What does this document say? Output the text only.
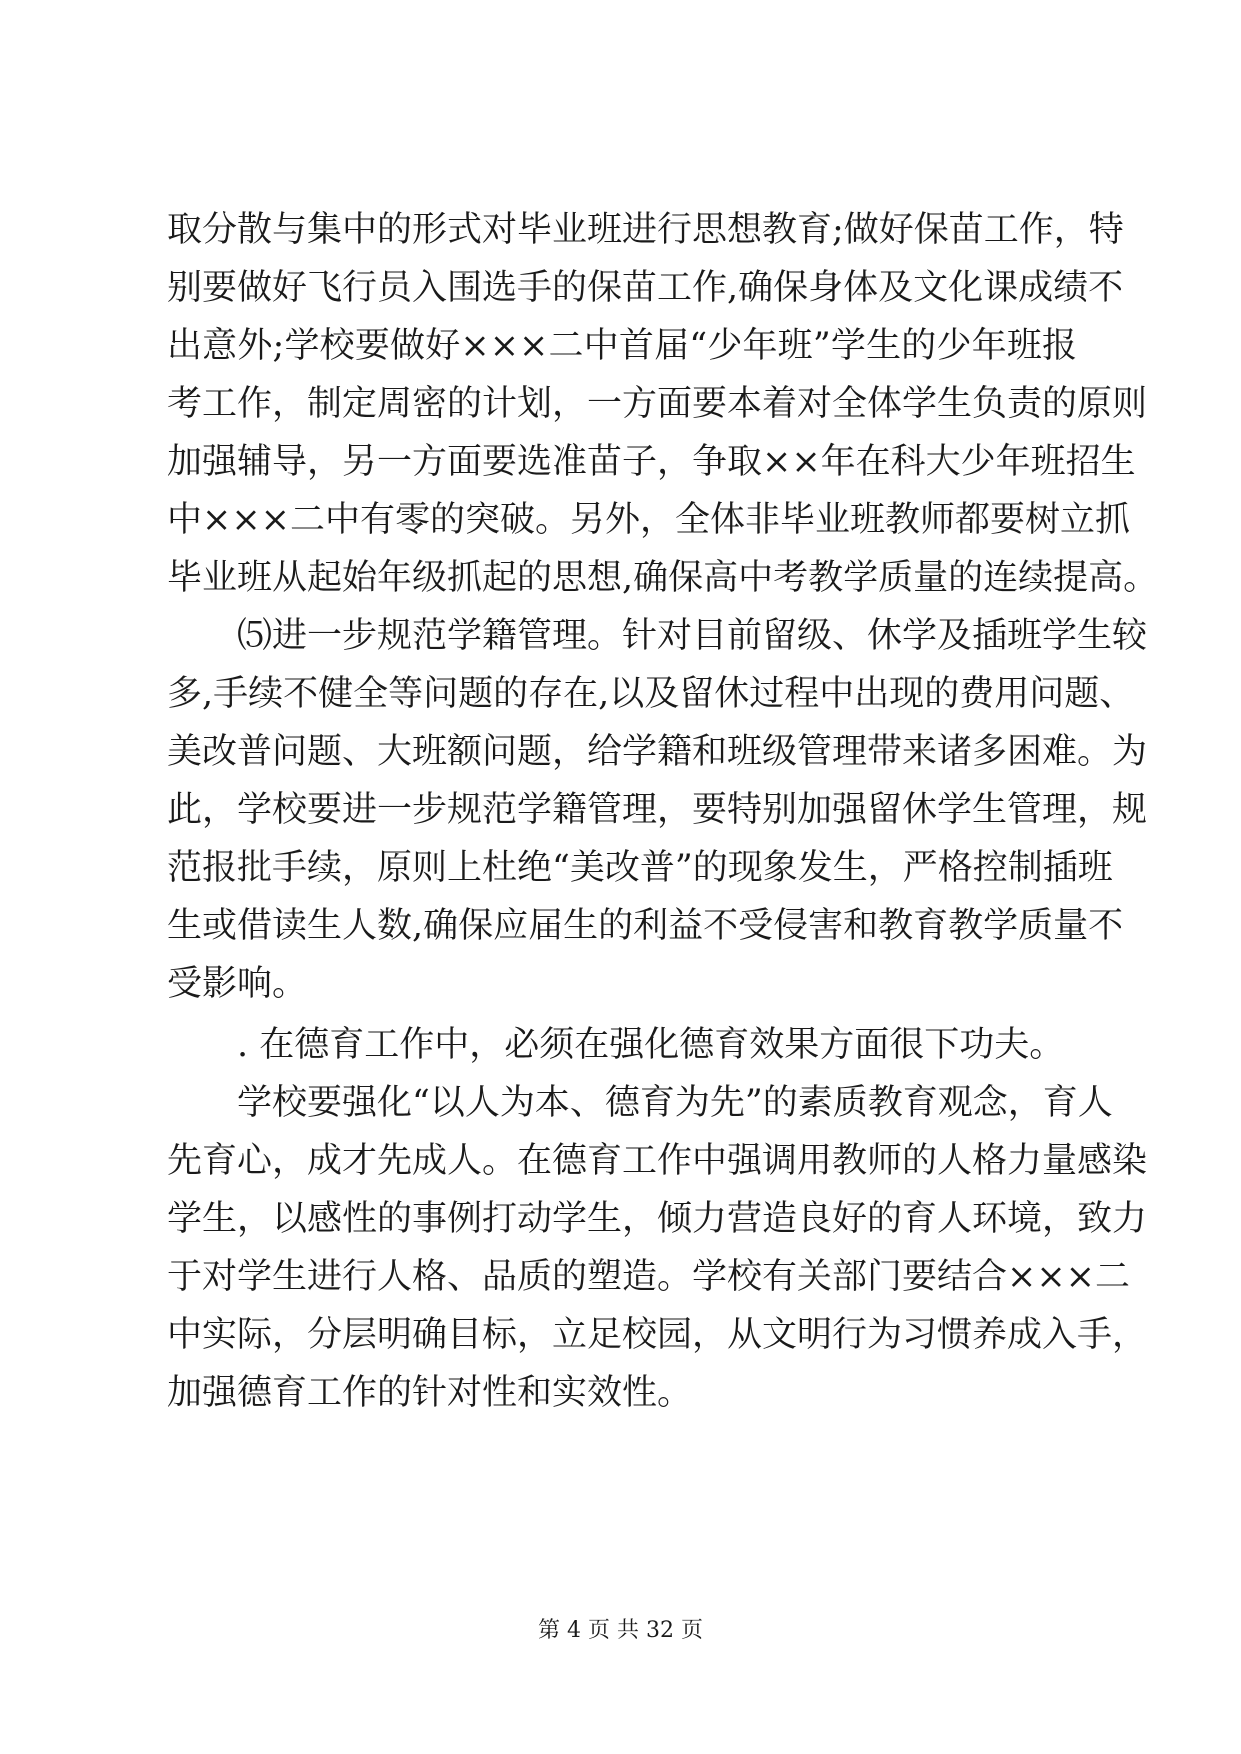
取分散与集中的形式对毕业班进行思想教育;做好保苗工作，特
别要做好飞行员入围选手的保苗工作,确保身体及文化课成绩不
出意外;学校要做好×××二中首届“少年班”学生的少年班报
考工作，制定周密的计划，一方面要本着对全体学生负责的原则
加强辅导，另一方面要选准苗子，争取××年在科大少年班招生
中×××二中有零的突破。另外，全体非毕业班教师都要树立抓
毕业班从起始年级抓起的思想,确保高中考教学质量的连续提高。
⑸进一步规范学籍管理。针对目前留级、休学及插班学生较
多,手续不健全等问题的存在,以及留休过程中出现的费用问题、
美改普问题、大班额问题，给学籍和班级管理带来诸多困难。为
此，学校要进一步规范学籍管理，要特别加强留休学生管理，规
范报批手续，原则上杜绝“美改普”的现象发生，严格控制插班
生或借读生人数,确保应届生的利益不受侵害和教育教学质量不
受影响。
. 在德育工作中，必须在强化德育效果方面很下功夫。
学校要强化“以人为本、德育为先”的素质教育观念，育人
先育心，成才先成人。在德育工作中强调用教师的人格力量感染
学生，以感性的事例打动学生，倾力营造良好的育人环境，致力
于对学生进行人格、品质的塑造。学校有关部门要结合×××二
中实际，分层明确目标，立足校园，从文明行为习惯养成入手，
加强德育工作的针对性和实效性。
第 4 页 共 32 页
